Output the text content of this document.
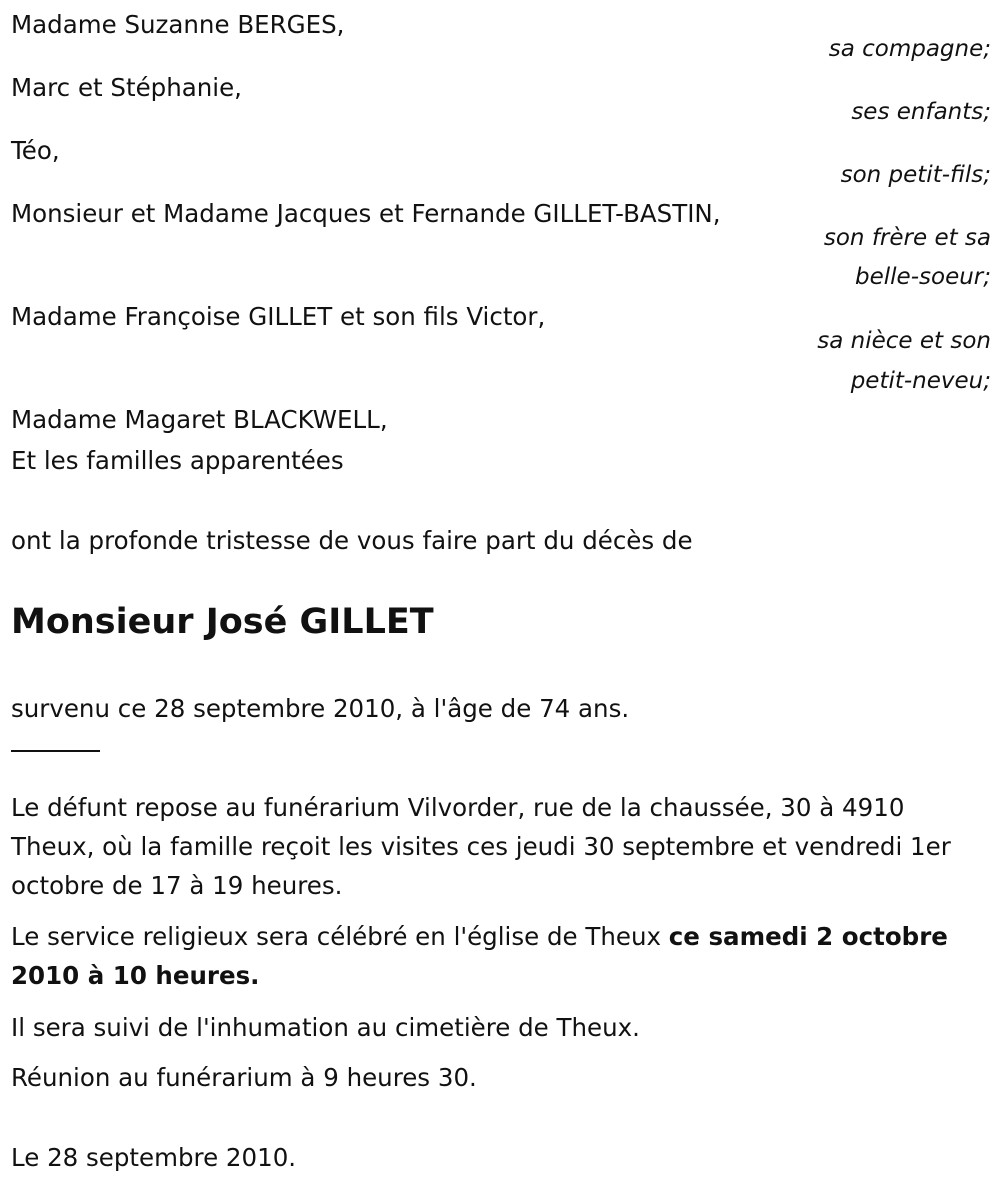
Madame Suzanne BERGES,
sa compagne;
Marc et Stéphanie,
ses enfants;
Téo,
son petit-fils;
Monsieur et Madame Jacques et Fernande GILLET-BASTIN,
son frère et sa
belle-soeur;
Madame Françoise GILLET et son fils Victor,
sa nièce et son
petit-neveu;
Madame Magaret BLACKWELL,
Et les familles apparentées
ont la profonde tristesse de vous faire part du décès de
Monsieur José GILLET
survenu ce 28 septembre 2010, à l'âge de 74 ans.
Le défunt repose au funérarium Vilvorder, rue de la chaussée, 30 à 4910 Theux, où la famille reçoit les visites ces jeudi 30 septembre et vendredi 1er octobre de 17 à 19 heures.
Le service religieux sera célébré en l'église de Theux ce samedi 2 octobre 2010 à 10 heures.
Il sera suivi de l'inhumation au cimetière de Theux.
Réunion au funérarium à 9 heures 30.
Le 28 septembre 2010.
